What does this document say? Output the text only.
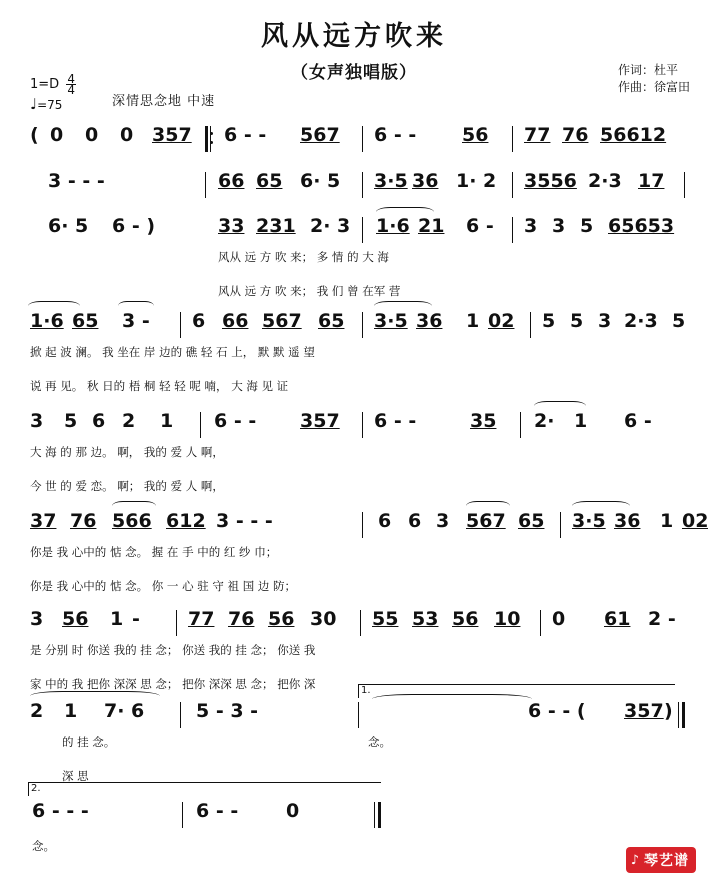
风从远方吹来
（女声独唱版）	作词：杜平
作曲：徐富田
$1=D \frac{4}{4}$
♩=75	深情思念地 中速
( 0 0 0 357 6 - - 567 6 - - 56 77 76 56612
3 - - -	66 65 6· 5 3·5 36 1· 2 3556 2·3 17
6· 5 6 - )	33 231 2· 3 1·6 21 6 - 3 3 5 65653
风从 远 方 吹 来； 多 情 的 大 海
风从 远 方 吹 来； 我 们 曾 在军 营
1·6 65 3 - 6 66 567 65 3·5 36 1 02 5 5 3 2·3 5
掀 起 波 澜。 我 坐在 岸 边的 礁 轻 石 上， 默 默 遥 望
说 再 见。 秋 日的 梧 桐 轻 轻 呢 喃， 大 海 见 证
3 5 6 2 1 6 - - 357 6 - -	35 2· 1 6 -
大 海 的 那 边。 啊， 我的 爱 人 啊，
今 世 的 爱 恋。 啊； 我的 爱 人 啊，
37 76 566 612 3 - - -	6 6 3 567 65 3·5 36 1 02
你是 我 心中的 惦 念。 握 在 手 中的 红 纱 巾；
你是 我 心中的 惦 念。 你 一 心 驻 守 祖 国 边 防；
3 56 1 -	77 76 56 30 55 53 56 10 0 61 2 -
是 分别 时 你送 我的 挂 念； 你送 我的 挂 念； 你送 我
家 中的 我 把你 深深 思 念； 把你 深深 思 念； 把你 深	1.
2 1 7· 6	5 - 3 -	6 - - ( 357 )
的 挂 念。	念。
深 思
2.
6 - - -	6 - -	0
念。
♪ 琴艺谱
